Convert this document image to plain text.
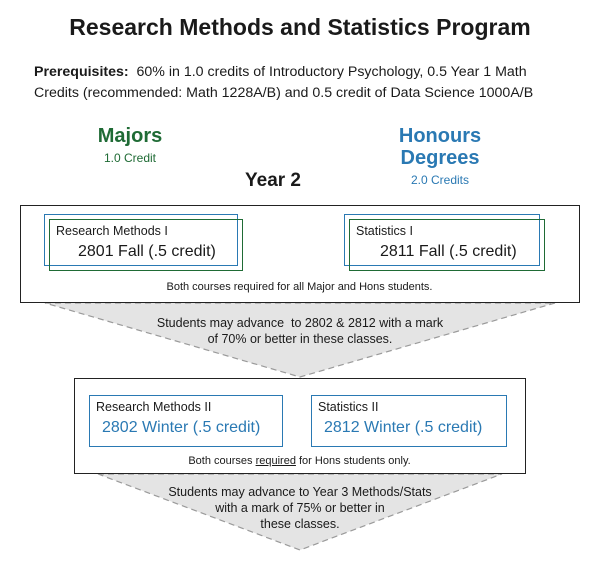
Research Methods and Statistics Program
Prerequisites: 60% in 1.0 credits of Introductory Psychology, 0.5 Year 1 Math Credits (recommended: Math 1228A/B) and 0.5 credit of Data Science 1000A/B
Majors
1.0 Credit
Honours
Degrees
2.0 Credits
Year 2
Research Methods I
2801 Fall (.5 credit)
Statistics I
2811 Fall (.5 credit)
Both courses required for all Major and Hons students.
Students may advance  to 2802 & 2812 with a mark
of 70% or better in these classes.
Research Methods II
2802 Winter (.5 credit)
Statistics II
2812 Winter (.5 credit)
Both courses required for Hons students only.
Students may advance to Year 3 Methods/Stats
with a mark of 75% or better in
these classes.
